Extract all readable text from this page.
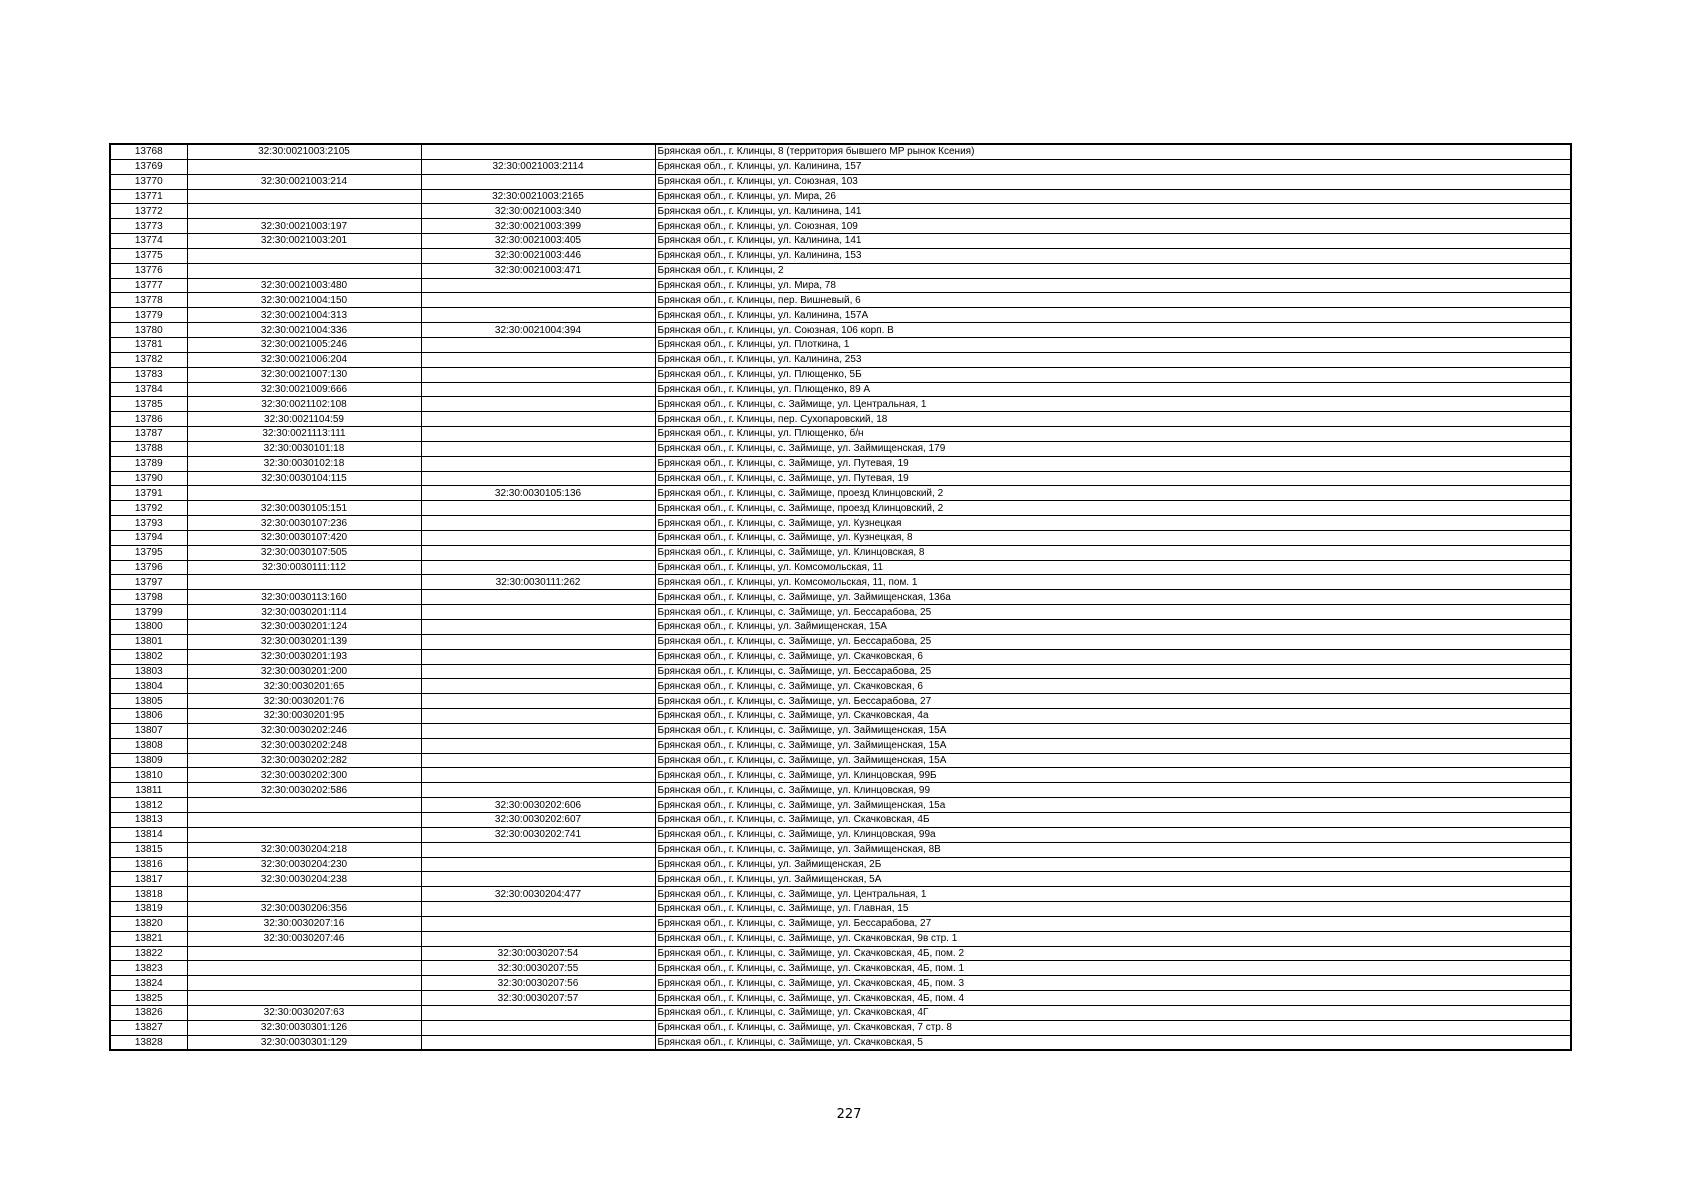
13768	32:30:0021003:2105		Брянская обл., г. Клинцы, 8 (территория бывшего МР рынок Ксения)
13769		32:30:0021003:2114	Брянская обл., г. Клинцы, ул. Калинина, 157
13770	32:30:0021003:214		Брянская обл., г. Клинцы, ул. Союзная, 103
13771		32:30:0021003:2165	Брянская обл., г. Клинцы, ул. Мира, 26
13772		32:30:0021003:340	Брянская обл., г. Клинцы, ул. Калинина, 141
13773	32:30:0021003:197	32:30:0021003:399	Брянская обл., г. Клинцы, ул. Союзная, 109
13774	32:30:0021003:201	32:30:0021003:405	Брянская обл., г. Клинцы, ул. Калинина, 141
13775		32:30:0021003:446	Брянская обл., г. Клинцы, ул. Калинина, 153
13776		32:30:0021003:471	Брянская обл., г. Клинцы, 2
13777	32:30:0021003:480		Брянская обл., г. Клинцы, ул. Мира, 78
13778	32:30:0021004:150		Брянская обл., г. Клинцы, пер. Вишневый, 6
13779	32:30:0021004:313		Брянская обл., г. Клинцы, ул. Калинина, 157А
13780	32:30:0021004:336	32:30:0021004:394	Брянская обл., г. Клинцы, ул. Союзная, 106 корп. В
13781	32:30:0021005:246		Брянская обл., г. Клинцы, ул. Плоткина, 1
13782	32:30:0021006:204		Брянская обл., г. Клинцы, ул. Калинина, 253
13783	32:30:0021007:130		Брянская обл., г. Клинцы, ул. Плющенко, 5Б
13784	32:30:0021009:666		Брянская обл., г. Клинцы, ул. Плющенко, 89 А
13785	32:30:0021102:108		Брянская обл., г. Клинцы, с. Займище, ул. Центральная, 1
13786	32:30:0021104:59		Брянская обл., г. Клинцы, пер. Сухопаровский, 18
13787	32:30:0021113:111		Брянская обл., г. Клинцы, ул. Плющенко, б/н
13788	32:30:0030101:18		Брянская обл., г. Клинцы, с. Займище, ул. Займищенская, 179
13789	32:30:0030102:18		Брянская обл., г. Клинцы, с. Займище, ул. Путевая, 19
13790	32:30:0030104:115		Брянская обл., г. Клинцы, с. Займище, ул. Путевая, 19
13791		32:30:0030105:136	Брянская обл., г. Клинцы, с. Займище, проезд Клинцовский, 2
13792	32:30:0030105:151		Брянская обл., г. Клинцы, с. Займище, проезд Клинцовский, 2
13793	32:30:0030107:236		Брянская обл., г. Клинцы, с. Займище, ул. Кузнецкая
13794	32:30:0030107:420		Брянская обл., г. Клинцы, с. Займище, ул. Кузнецкая, 8
13795	32:30:0030107:505		Брянская обл., г. Клинцы, с. Займище, ул. Клинцовская, 8
13796	32:30:0030111:112		Брянская обл., г. Клинцы, ул. Комсомольская, 11
13797		32:30:0030111:262	Брянская обл., г. Клинцы, ул. Комсомольская, 11, пом. 1
13798	32:30:0030113:160		Брянская обл., г. Клинцы, с. Займище, ул. Займищенская, 136а
13799	32:30:0030201:114		Брянская обл., г. Клинцы, с. Займище, ул. Бессарабова, 25
13800	32:30:0030201:124		Брянская обл., г. Клинцы, ул. Займищенская, 15А
13801	32:30:0030201:139		Брянская обл., г. Клинцы, с. Займище, ул. Бессарабова, 25
13802	32:30:0030201:193		Брянская обл., г. Клинцы, с. Займище, ул. Скачковская, 6
13803	32:30:0030201:200		Брянская обл., г. Клинцы, с. Займище, ул. Бессарабова, 25
13804	32:30:0030201:65		Брянская обл., г. Клинцы, с. Займище, ул. Скачковская, 6
13805	32:30:0030201:76		Брянская обл., г. Клинцы, с. Займище, ул. Бессарабова, 27
13806	32:30:0030201:95		Брянская обл., г. Клинцы, с. Займище, ул. Скачковская, 4а
13807	32:30:0030202:246		Брянская обл., г. Клинцы, с. Займище, ул. Займищенская, 15А
13808	32:30:0030202:248		Брянская обл., г. Клинцы, с. Займище, ул. Займищенская, 15А
13809	32:30:0030202:282		Брянская обл., г. Клинцы, с. Займище, ул. Займищенская, 15А
13810	32:30:0030202:300		Брянская обл., г. Клинцы, с. Займище, ул. Клинцовская, 99Б
13811	32:30:0030202:586		Брянская обл., г. Клинцы, с. Займище, ул. Клинцовская, 99
13812		32:30:0030202:606	Брянская обл., г. Клинцы, с. Займище, ул. Займищенская, 15а
13813		32:30:0030202:607	Брянская обл., г. Клинцы, с. Займище, ул. Скачковская, 4Б
13814		32:30:0030202:741	Брянская обл., г. Клинцы, с. Займище, ул. Клинцовская, 99а
13815	32:30:0030204:218		Брянская обл., г. Клинцы, с. Займище, ул. Займищенская, 8В
13816	32:30:0030204:230		Брянская обл., г. Клинцы, ул. Займищенская, 2Б
13817	32:30:0030204:238		Брянская обл., г. Клинцы, ул. Займищенская, 5А
13818		32:30:0030204:477	Брянская обл., г. Клинцы, с. Займище, ул. Центральная, 1
13819	32:30:0030206:356		Брянская обл., г. Клинцы, с. Займище, ул. Главная, 15
13820	32:30:0030207:16		Брянская обл., г. Клинцы, с. Займище, ул. Бессарабова, 27
13821	32:30:0030207:46		Брянская обл., г. Клинцы, с. Займище, ул. Скачковская, 9в стр. 1
13822		32:30:0030207:54	Брянская обл., г. Клинцы, с. Займище, ул. Скачковская, 4Б, пом. 2
13823		32:30:0030207:55	Брянская обл., г. Клинцы, с. Займище, ул. Скачковская, 4Б, пом. 1
13824		32:30:0030207:56	Брянская обл., г. Клинцы, с. Займище, ул. Скачковская, 4Б, пом. 3
13825		32:30:0030207:57	Брянская обл., г. Клинцы, с. Займище, ул. Скачковская, 4Б, пом. 4
13826	32:30:0030207:63		Брянская обл., г. Клинцы, с. Займище, ул. Скачковская, 4Г
13827	32:30:0030301:126		Брянская обл., г. Клинцы, с. Займище, ул. Скачковская, 7 стр. 8
13828	32:30:0030301:129		Брянская обл., г. Клинцы, с. Займище, ул. Скачковская, 5
227
